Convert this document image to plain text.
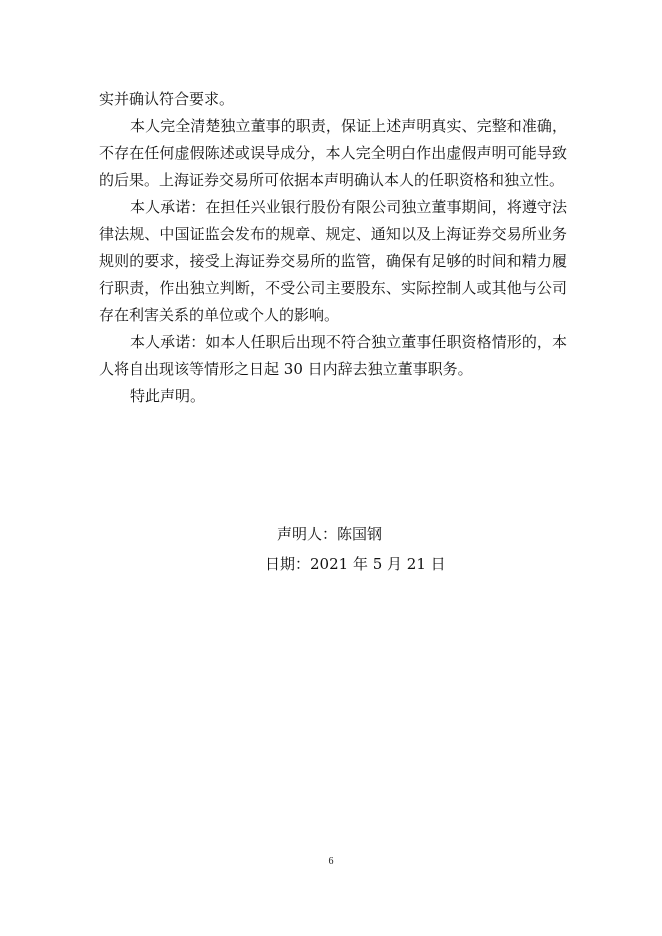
实并确认符合要求。

本人完全清楚独立董事的职责，保证上述声明真实、完整和准确，不存在任何虚假陈述或误导成分，本人完全明白作出虚假声明可能导致的后果。上海证券交易所可依据本声明确认本人的任职资格和独立性。

本人承诺：在担任兴业银行股份有限公司独立董事期间，将遵守法律法规、中国证监会发布的规章、规定、通知以及上海证券交易所业务规则的要求，接受上海证券交易所的监管，确保有足够的时间和精力履行职责，作出独立判断，不受公司主要股东、实际控制人或其他与公司存在利害关系的单位或个人的影响。

本人承诺：如本人任职后出现不符合独立董事任职资格情形的，本人将自出现该等情形之日起 30 日内辞去独立董事职务。

特此声明。

声明人：陈国钢
日期：2021 年 5 月 21 日
6
